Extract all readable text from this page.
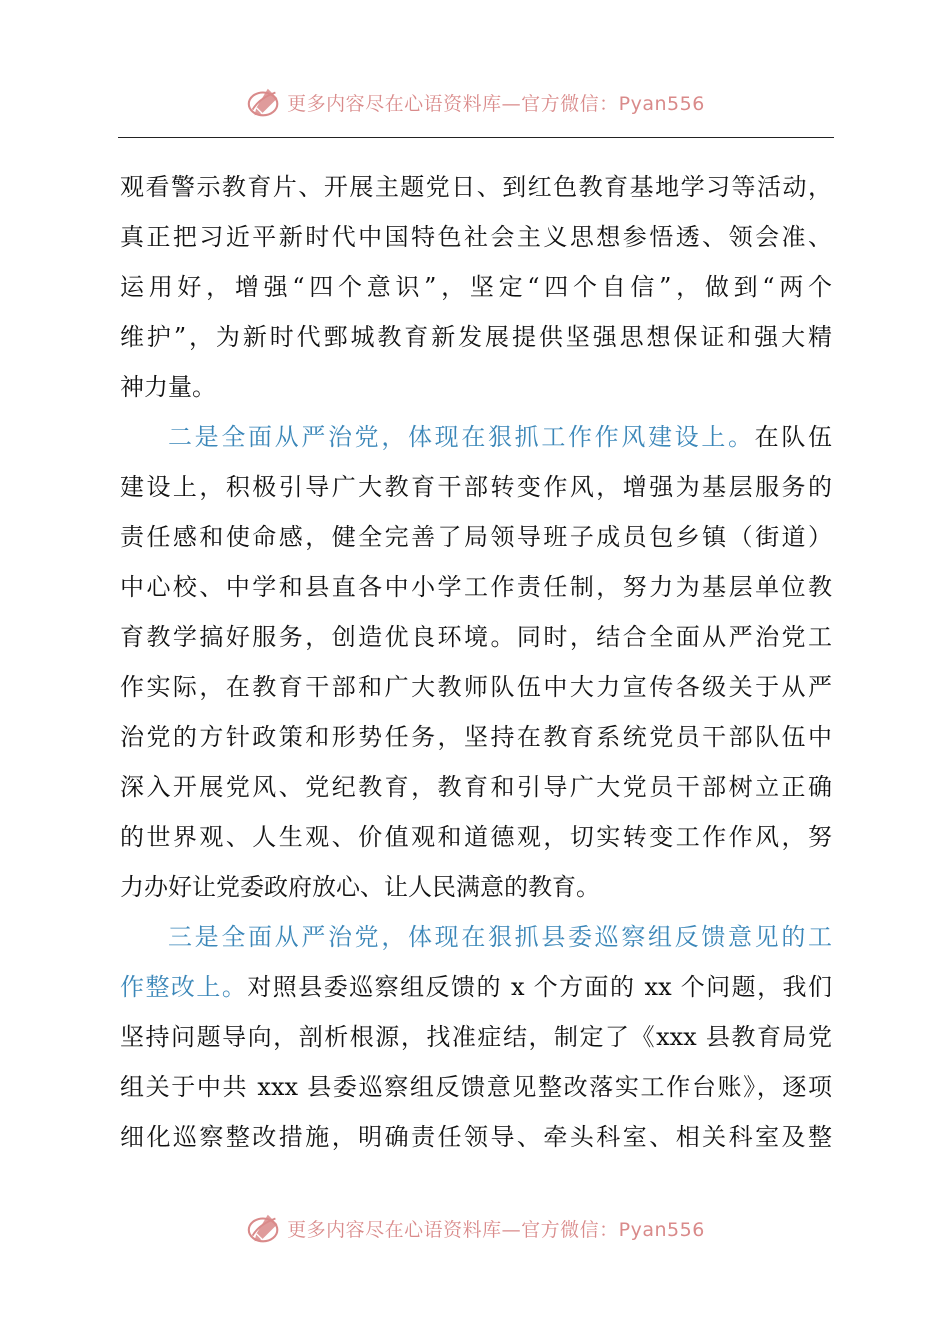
更多内容尽在心语资料库—官方微信：Pyan556
观看警示教育片、开展主题党日、到红色教育基地学习等活动，
真正把习近平新时代中国特色社会主义思想参悟透、领会准、
运用好，增强“四个意识”，坚定“四个自信”，做到“两个
维护”，为新时代鄄城教育新发展提供坚强思想保证和强大精
神力量。
二是全面从严治党，体现在狠抓工作作风建设上。在队伍
建设上，积极引导广大教育干部转变作风，增强为基层服务的
责任感和使命感，健全完善了局领导班子成员包乡镇（街道）
中心校、中学和县直各中小学工作责任制，努力为基层单位教
育教学搞好服务，创造优良环境。同时，结合全面从严治党工
作实际，在教育干部和广大教师队伍中大力宣传各级关于从严
治党的方针政策和形势任务，坚持在教育系统党员干部队伍中
深入开展党风、党纪教育，教育和引导广大党员干部树立正确
的世界观、人生观、价值观和道德观，切实转变工作作风，努
力办好让党委政府放心、让人民满意的教育。
三是全面从严治党，体现在狠抓县委巡察组反馈意见的工
作整改上。对照县委巡察组反馈的 x 个方面的 xx 个问题，我们
坚持问题导向，剖析根源，找准症结，制定了《xxx 县教育局党
组关于中共 xxx 县委巡察组反馈意见整改落实工作台账》，逐项
细化巡察整改措施，明确责任领导、牵头科室、相关科室及整
更多内容尽在心语资料库—官方微信：Pyan556
